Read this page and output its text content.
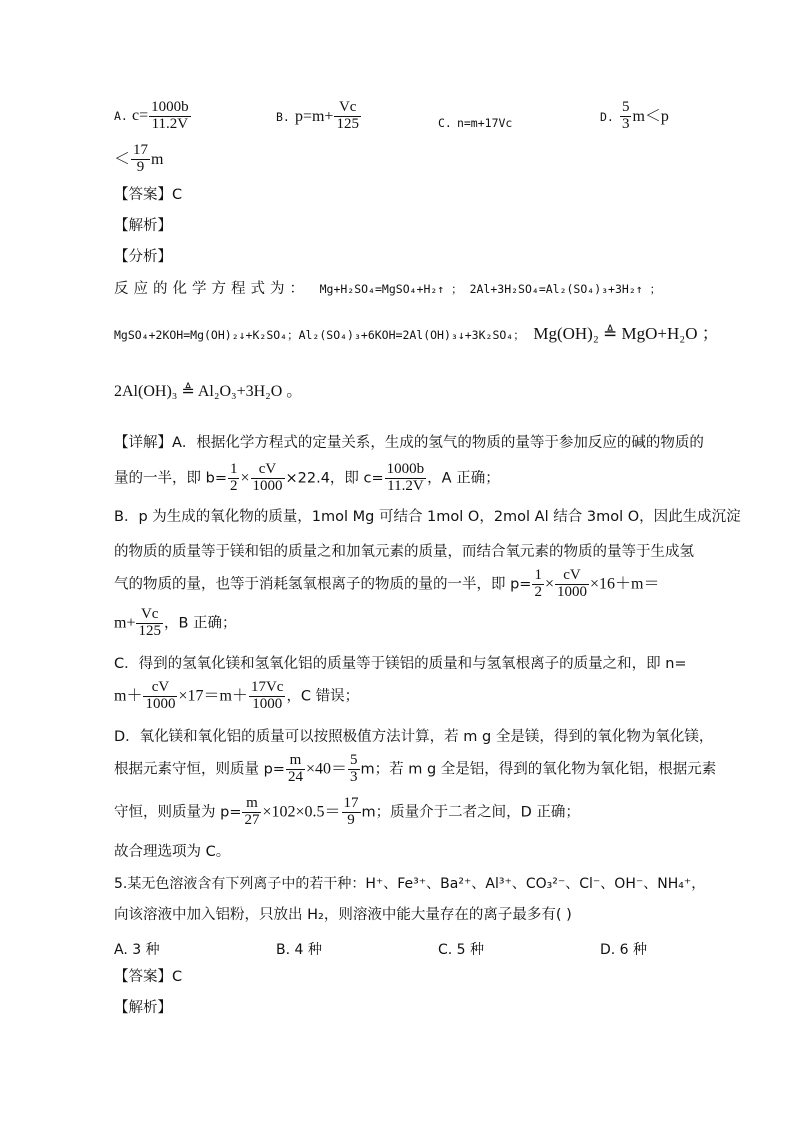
A. $c= \frac{1000b}{11.2V}$	B. $p=m+ \frac{Vc}{125}$	C. n=m+17Vc	D. $\frac{5}{3} m<p$
＜ $\frac{17}{9}$ m
【答案】C
【解析】
【分析】
反应的化学方程式为： Mg+H₂SO₄=MgSO₄+H₂↑ ； 2Al+3H₂SO₄=Al₂(SO₄)₃+3H₂↑ ；
MgSO₄+2KOH=Mg(OH)₂↓+K₂SO₄；Al₂(SO₄)₃+6KOH=2Al(OH)₃↓+3K₂SO₄； Mg(OH)₂ ≜ MgO+H₂O ；
2Al(OH)₃ ≜ Al₂O₃+3H₂O 。
【详解】A．根据化学方程式的定量关系，生成的氢气的物质的量等于参加反应的碱的物质的
量的一半，即 $b= \frac{1}{2} \times \frac{cV}{1000} \times 22.4$，即 $c= \frac{1000b}{11.2V}$ ，A 正确；
B．p 为生成的氧化物的质量，1mol Mg 可结合 1mol O，2mol Al 结合 3mol O，因此生成沉淀
的物质的质量等于镁和铝的质量之和加氧元素的质量，而结合氧元素的物质的量等于生成氢
气的物质的量，也等于消耗氢氧根离子的物质的量的一半，即 $p= \frac{1}{2} \times \frac{cV}{1000} \times 16+m=$
$m+ \frac{Vc}{125}$ ，B 正确；
C．得到的氢氧化镁和氢氧化铝的质量等于镁铝的质量和与氢氧根离子的质量之和，即 n=
$m+ \frac{cV}{1000} \times 17=m+ \frac{17Vc}{1000}$ ，C 错误；
D．氧化镁和氧化铝的质量可以按照极值方法计算，若 m g 全是镁，得到的氧化物为氧化镁，
根据元素守恒，则质量 $p= \frac{m}{24} \times 40= \frac{5}{3}$ m；若 m g 全是铝，得到的氧化物为氧化铝，根据元素
守恒，则质量为 $p= \frac{m}{27} \times 102\times 0.5= \frac{17}{9}$ m；质量介于二者之间，D 正确；
故合理选项为 C。
5.某无色溶液含有下列离子中的若干种：H⁺、Fe³⁺、Ba²⁺、Al³⁺、CO₃²⁻、Cl⁻、OH⁻、NH₄⁺，
向该溶液中加入铝粉，只放出 H₂，则溶液中能大量存在的离子最多有( )
A. 3 种	B. 4 种	C. 5 种	D. 6 种
【答案】C
【解析】
